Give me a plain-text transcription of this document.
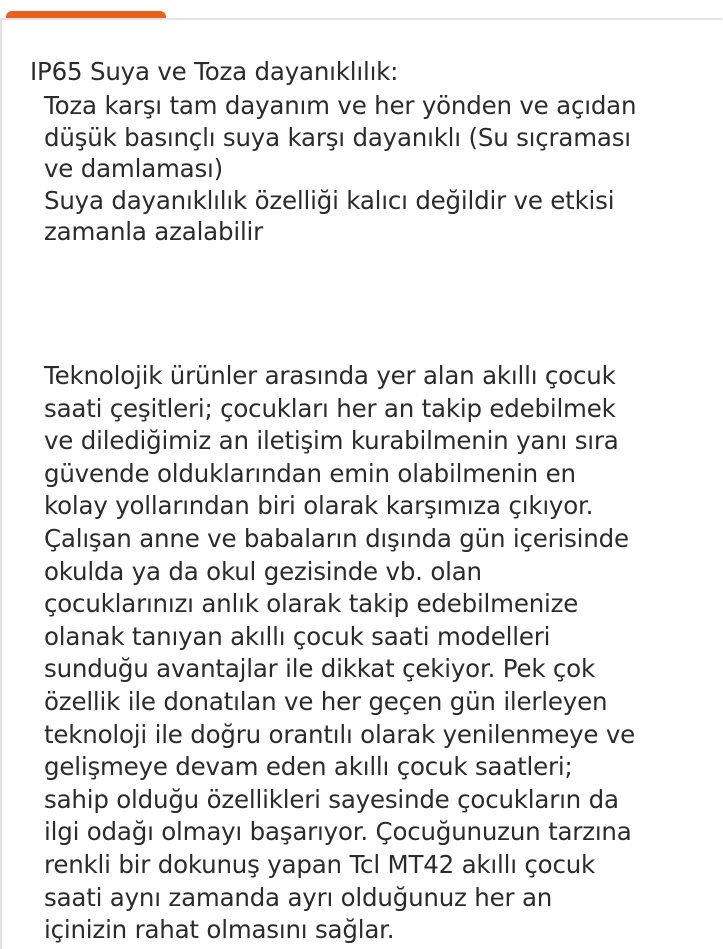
IP65 Suya ve Toza dayanıklılık:
Toza karşı tam dayanım ve her yönden ve açıdan
düşük basınçlı suya karşı dayanıklı (Su sıçraması
ve damlaması)
Suya dayanıklılık özelliği kalıcı değildir ve etkisi
zamanla azalabilir
Teknolojik ürünler arasında yer alan akıllı çocuk
saati çeşitleri; çocukları her an takip edebilmek
ve dilediğimiz an iletişim kurabilmenin yanı sıra
güvende olduklarından emin olabilmenin en
kolay yollarından biri olarak karşımıza çıkıyor.
Çalışan anne ve babaların dışında gün içerisinde
okulda ya da okul gezisinde vb. olan
çocuklarınızı anlık olarak takip edebilmenize
olanak tanıyan akıllı çocuk saati modelleri
sunduğu avantajlar ile dikkat çekiyor. Pek çok
özellik ile donatılan ve her geçen gün ilerleyen
teknoloji ile doğru orantılı olarak yenilenmeye ve
gelişmeye devam eden akıllı çocuk saatleri;
sahip olduğu özellikleri sayesinde çocukların da
ilgi odağı olmayı başarıyor. Çocuğunuzun tarzına
renkli bir dokunuş yapan Tcl MT42 akıllı çocuk
saati aynı zamanda ayrı olduğunuz her an
içinizin rahat olmasını sağlar.
